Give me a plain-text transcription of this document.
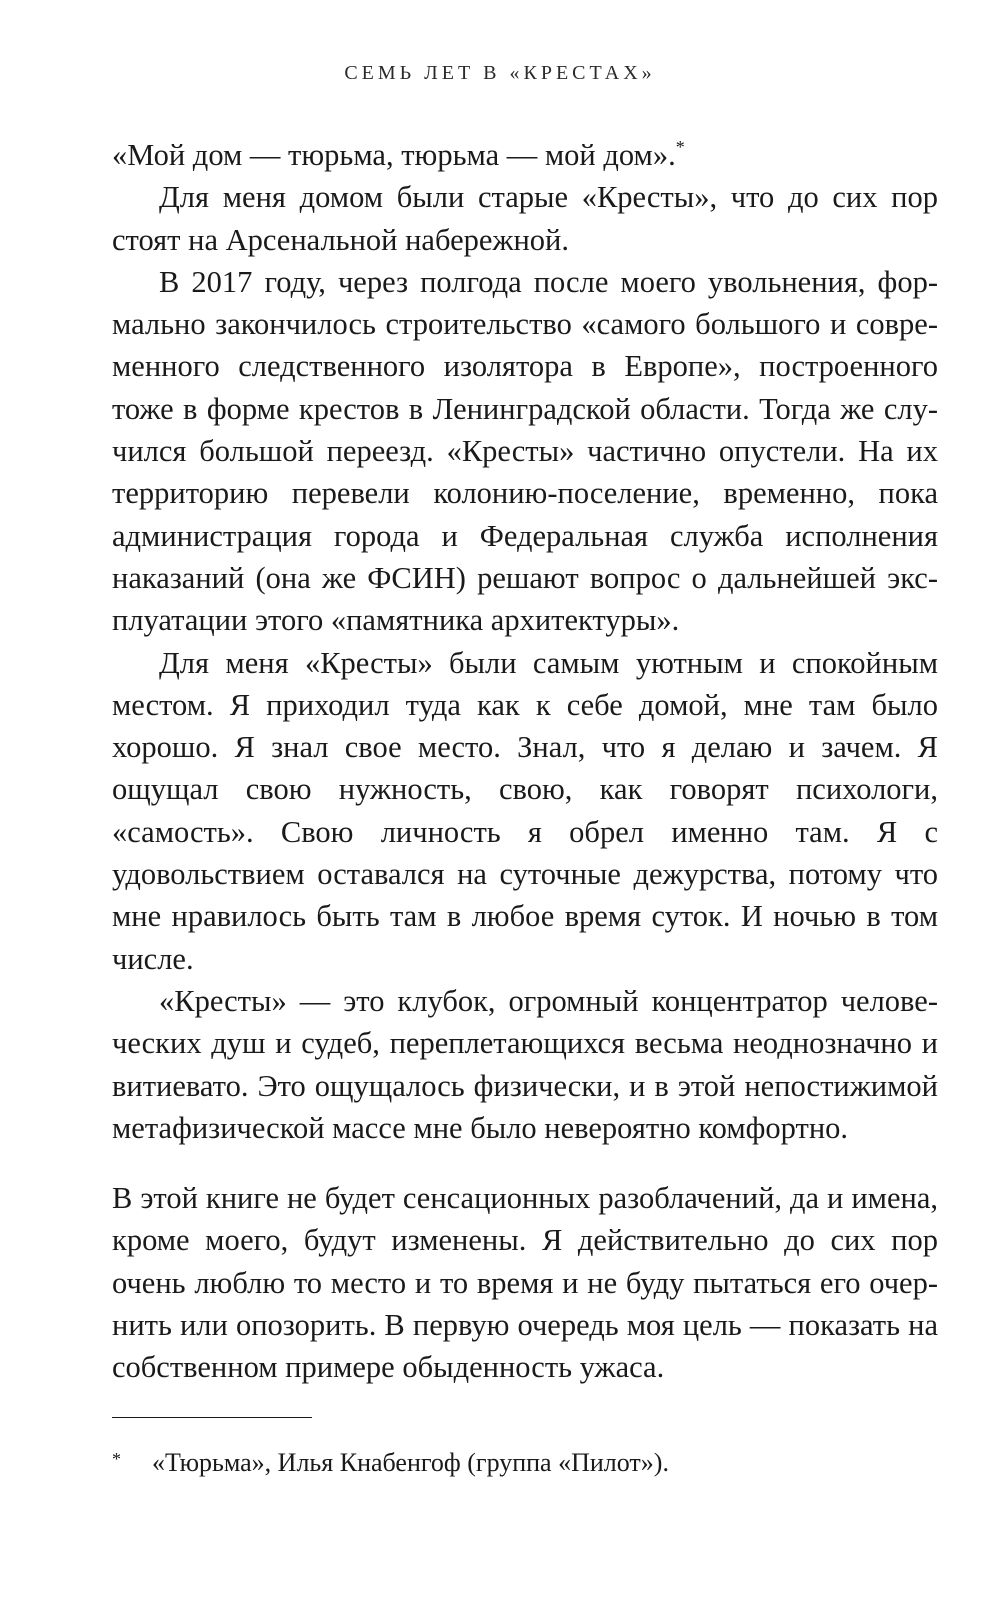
СЕМЬ ЛЕТ В «КРЕСТАХ»

«Мой дом — тюрьма, тюрьма — мой дом».*

Для меня домом были старые «Кресты», что до сих пор стоят на Арсенальной набережной.

В 2017 году, через полгода после моего увольнения, формально закончилось строительство «самого большого и современного следственного изолятора в Европе», построенного тоже в форме крестов в Ленинградской области. Тогда же случился большой переезд. «Кресты» частично опустели. На их территорию перевели колонию-поселение, временно, пока администрация города и Федеральная служба исполнения наказаний (она же ФСИН) решают вопрос о дальнейшей эксплуатации этого «памятника архитектуры».

Для меня «Кресты» были самым уютным и спокойным местом. Я приходил туда как к себе домой, мне там было хорошо. Я знал свое место. Знал, что я делаю и зачем. Я ощущал свою нужность, свою, как говорят психологи, «самость». Свою личность я обрел именно там. Я с удовольствием оставался на суточные дежурства, потому что мне нравилось быть там в любое время суток. И ночью в том числе.

«Кресты» — это клубок, огромный концентратор человеческих душ и судеб, переплетающихся весьма неоднозначно и витиевато. Это ощущалось физически, и в этой непостижимой метафизической массе мне было невероятно комфортно.

В этой книге не будет сенсационных разоблачений, да и имена, кроме моего, будут изменены. Я действительно до сих пор очень люблю то место и то время и не буду пытаться его очернить или опозорить. В первую очередь моя цель — показать на собственном примере обыденность ужаса.

* «Тюрьма», Илья Кнабенгоф (группа «Пилот»).
